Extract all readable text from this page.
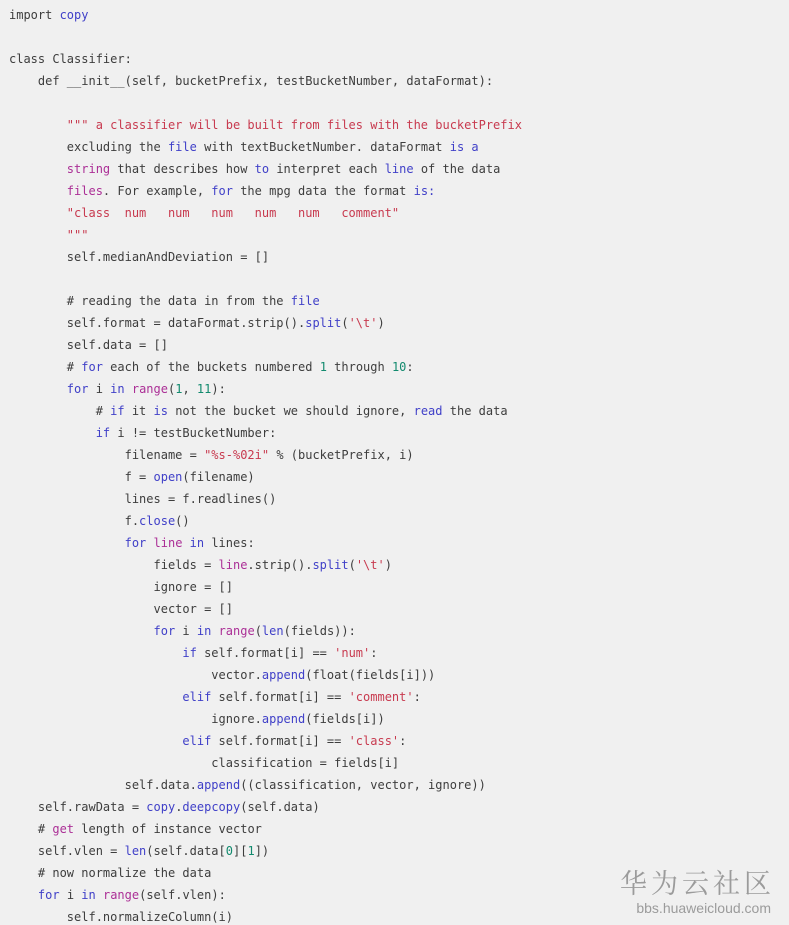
import copy

class Classifier:
def __init__(self, bucketPrefix, testBucketNumber, dataFormat):

""" a classifier will be built from files with the bucketPrefix
excluding the file with textBucketNumber. dataFormat is a
string that describes how to interpret each line of the data
files. For example, for the mpg data the format is:
"class  num   num   num   num   num   comment"
"""
self.medianAndDeviation = []

# reading the data in from the file
self.format = dataFormat.strip().split('\t')
self.data = []
# for each of the buckets numbered 1 through 10:
for i in range(1, 11):
# if it is not the bucket we should ignore, read the data
if i != testBucketNumber:
filename = "%s-%02i" % (bucketPrefix, i)
f = open(filename)
lines = f.readlines()
f.close()
for line in lines:
fields = line.strip().split('\t')
ignore = []
vector = []
for i in range(len(fields)):
if self.format[i] == 'num':
vector.append(float(fields[i]))
elif self.format[i] == 'comment':
ignore.append(fields[i])
elif self.format[i] == 'class':
classification = fields[i]
self.data.append((classification, vector, ignore))
self.rawData = copy.deepcopy(self.data)
# get length of instance vector
self.vlen = len(self.data[0][1])
# now normalize the data
for i in range(self.vlen):
self.normalizeColumn(i)
华为云社区
bbs.huaweicloud.com
